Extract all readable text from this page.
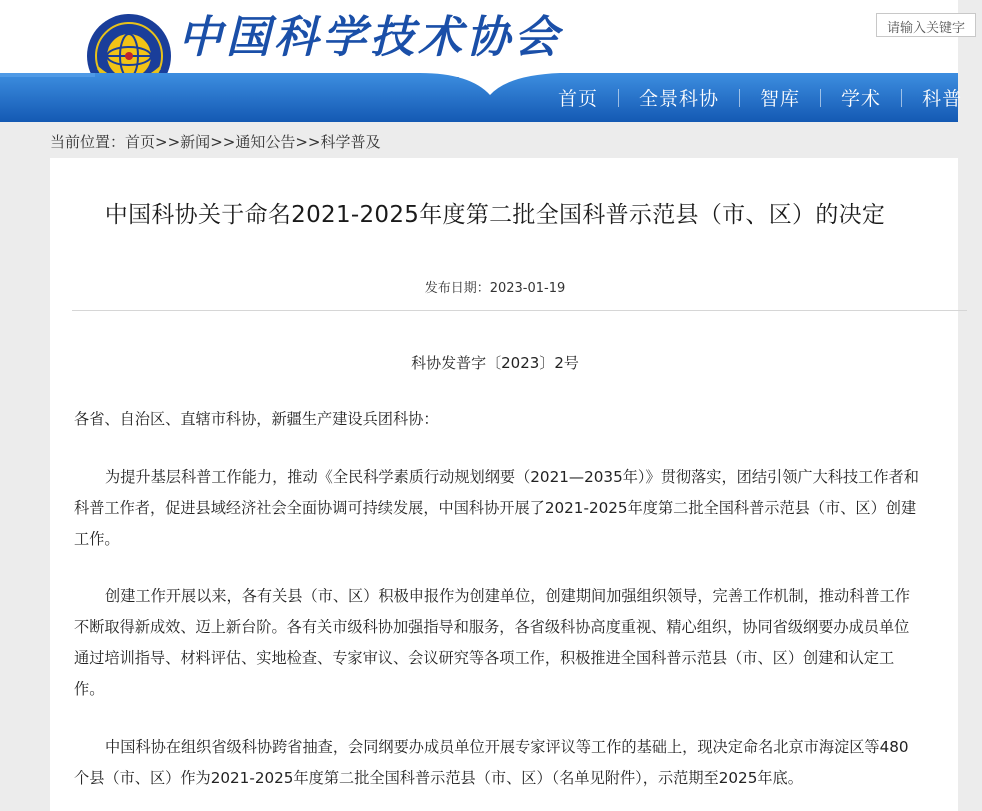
中国科学技术协会	请输入关键字
首页	全景科协	智库	学术	科普
当前位置：首页>>新闻>>通知公告>>科学普及
中国科协关于命名2021-2025年度第二批全国科普示范县（市、区）的决定
发布日期：2023-01-19
科协发普字〔2023〕2号
各省、自治区、直辖市科协，新疆生产建设兵团科协：
为提升基层科普工作能力，推动《全民科学素质行动规划纲要（2021—2035年）》贯彻落实，团结引领广大科技工作者和科普工作者，促进县域经济社会全面协调可持续发展，中国科协开展了2021-2025年度第二批全国科普示范县（市、区）创建工作。
创建工作开展以来，各有关县（市、区）积极申报作为创建单位，创建期间加强组织领导，完善工作机制，推动科普工作不断取得新成效、迈上新台阶。各有关市级科协加强指导和服务，各省级科协高度重视、精心组织，协同省级纲要办成员单位通过培训指导、材料评估、实地检查、专家审议、会议研究等各项工作，积极推进全国科普示范县（市、区）创建和认定工作。
中国科协在组织省级科协跨省抽查，会同纲要办成员单位开展专家评议等工作的基础上，现决定命名北京市海淀区等480个县（市、区）作为2021-2025年度第二批全国科普示范县（市、区）（名单见附件），示范期至2025年底。
